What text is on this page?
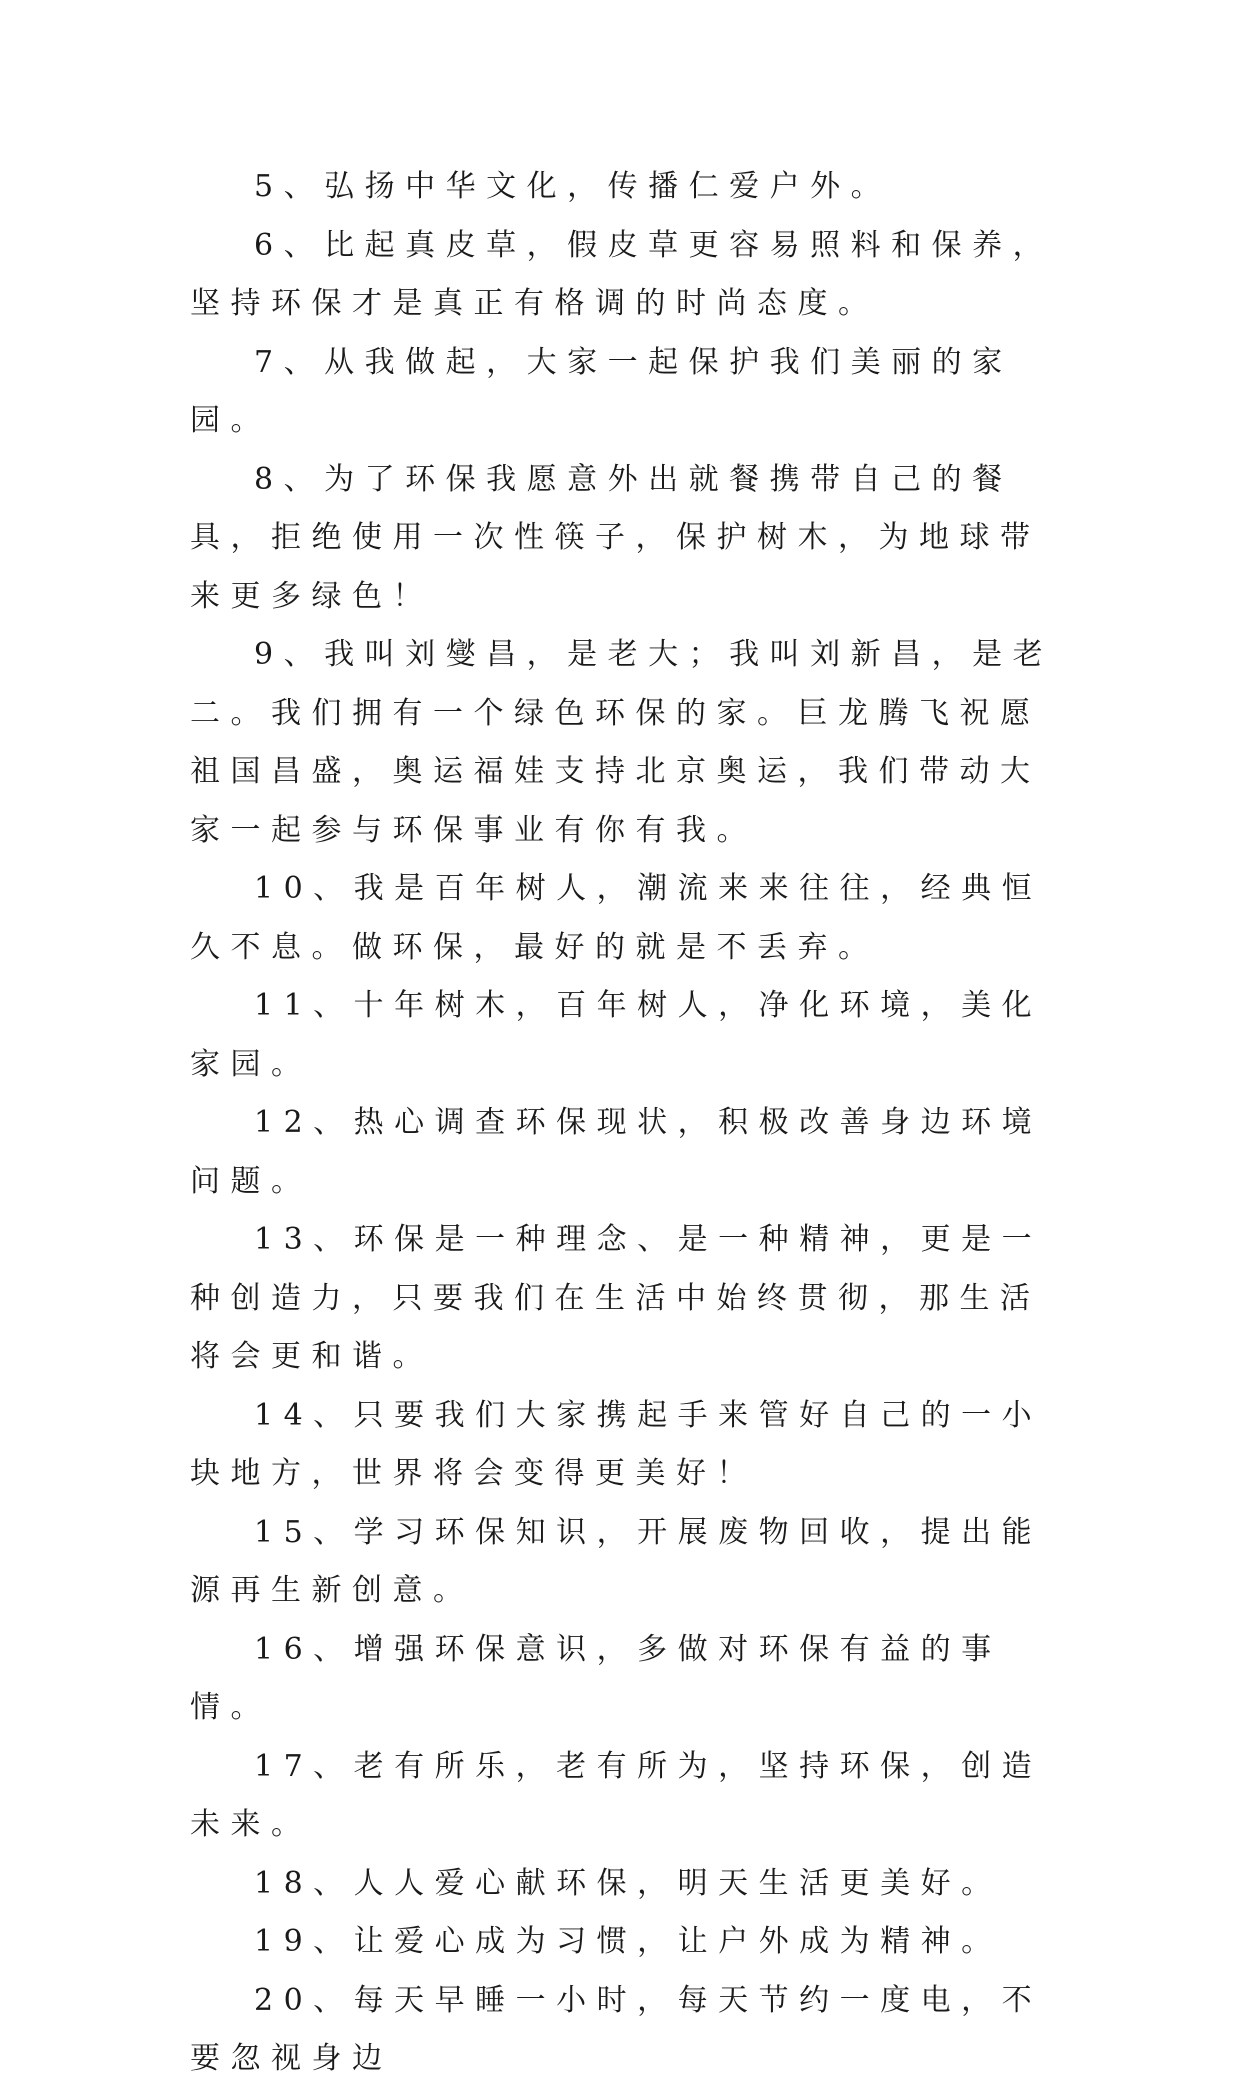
5、弘扬中华文化，传播仁爱户外。

6、比起真皮草，假皮草更容易照料和保养，坚持环保才是真正有格调的时尚态度。

7、从我做起，大家一起保护我们美丽的家园。

8、为了环保我愿意外出就餐携带自己的餐具，拒绝使用一次性筷子，保护树木，为地球带来更多绿色！

9、我叫刘燮昌，是老大；我叫刘新昌，是老二。我们拥有一个绿色环保的家。巨龙腾飞祝愿祖国昌盛，奥运福娃支持北京奥运，我们带动大家一起参与环保事业有你有我。

10、我是百年树人，潮流来来往往，经典恒久不息。做环保，最好的就是不丢弃。

11、十年树木，百年树人，净化环境，美化家园。

12、热心调查环保现状，积极改善身边环境问题。

13、环保是一种理念、是一种精神，更是一种创造力，只要我们在生活中始终贯彻，那生活将会更和谐。

14、只要我们大家携起手来管好自己的一小块地方，世界将会变得更美好！

15、学习环保知识，开展废物回收，提出能源再生新创意。

16、增强环保意识，多做对环保有益的事情。

17、老有所乐，老有所为，坚持环保，创造未来。

18、人人爱心献环保，明天生活更美好。

19、让爱心成为习惯，让户外成为精神。

20、每天早睡一小时，每天节约一度电，不要忽视身边
